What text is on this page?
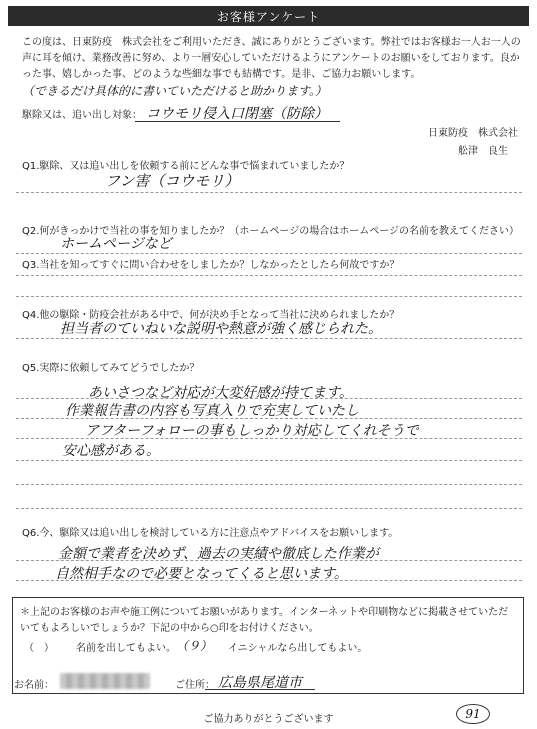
お客様アンケート

この度は、日東防疫　株式会社をご利用いただき、誠にありがとうございます。弊社ではお客様お一人お一人の

声に耳を傾け、業務改善に努め、より一層安心していただけるようにアンケートのお願いをしております。良か

った事、嬉しかった事、どのような些細な事でも結構です。是非、ご協力お願いします。

（できるだけ具体的に書いていただけると助かります。）

駆除又は、追い出し対象： コウモリ侵入口閉塞（防除）
日東防疫　株式会社
舩津　良生
Q1.駆除、又は追い出しを依頼する前にどんな事で悩まれていましたか？
フン害（コウモリ）
Q2.何がきっかけで当社の事を知りましたか？（ホームページの場合はホームページの名前を教えてください）
ホームページなど
Q3.当社を知ってすぐに問い合わせをしましたか？しなかったとしたら何故ですか？
Q4.他の駆除・防疫会社がある中で、何が決め手となって当社に決められましたか？
担当者のていねいな説明や熱意が強く感じられた。
Q5.実際に依頼してみてどうでしたか？
あいさつなど対応が大変好感が持てます。
作業報告書の内容も写真入りで充実していたし
アフターフォローの事もしっかり対応してくれそうで
安心感がある。
Q6.今、駆除又は追い出しを検討している方に注意点やアドバイスをお願いします。
金額で業者を決めず、過去の実績や徹底した作業が
自然相手なので必要となってくると思います。
＊上記のお客様のお声や施工例についてお願いがあります。インターネットや印刷物などに掲載させていただ
いてもよろしいでしょうか？下記の中から○印をお付けください。
（　） 名前を出してもよい。 （９） イニシャルなら出してもよい。
お名前：	ご住所： 広島県尾道市
ご協力ありがとうございます	91
